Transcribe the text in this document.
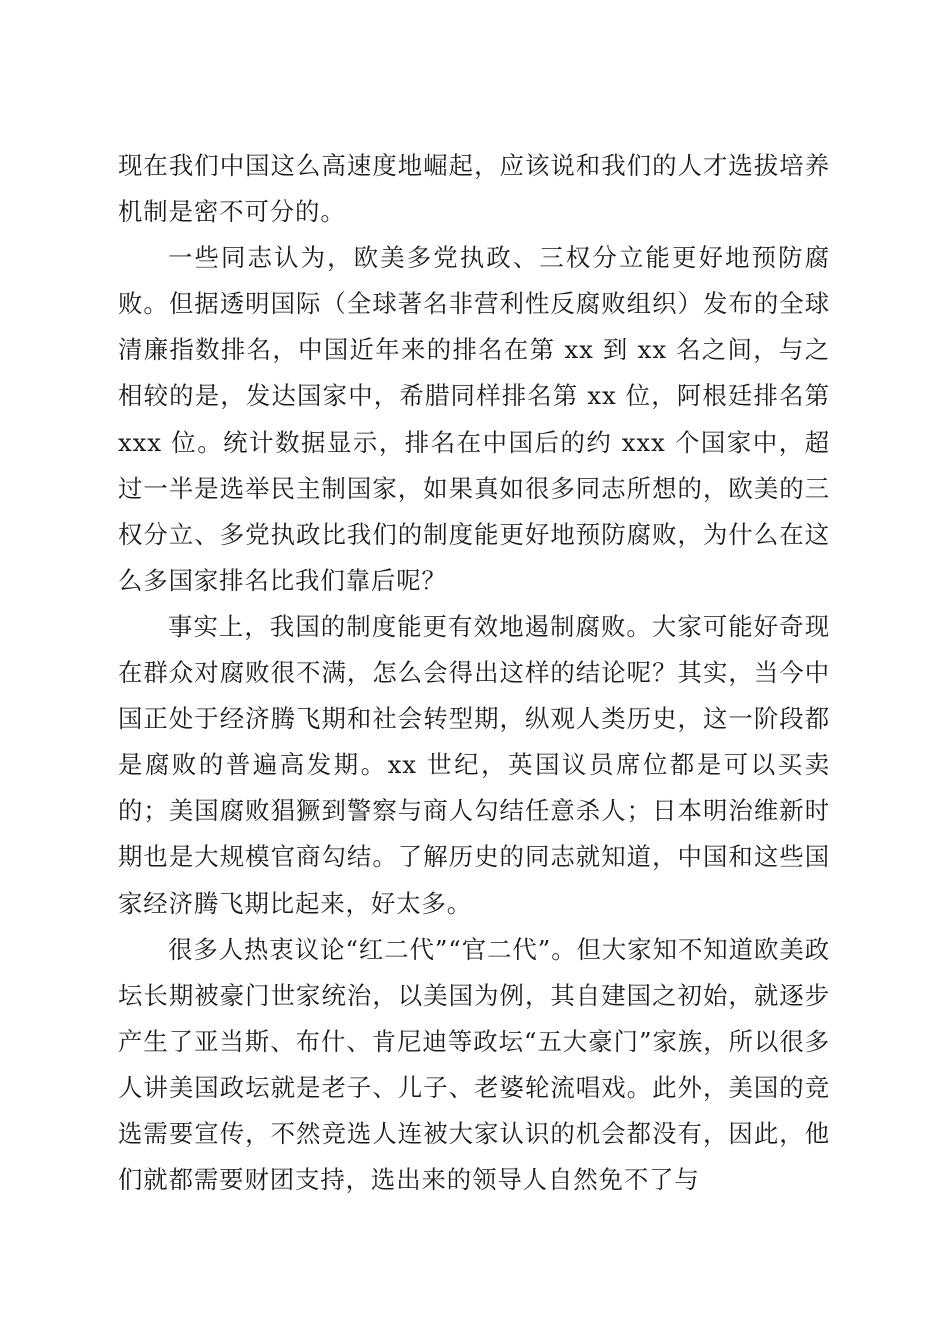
现在我们中国这么高速度地崛起，应该说和我们的人才选拔培养机制是密不可分的。

一些同志认为，欧美多党执政、三权分立能更好地预防腐败。但据透明国际（全球著名非营利性反腐败组织）发布的全球清廉指数排名，中国近年来的排名在第 xx 到 xx 名之间，与之相较的是，发达国家中，希腊同样排名第 xx 位，阿根廷排名第 xxx 位。统计数据显示，排名在中国后的约 xxx 个国家中，超过一半是选举民主制国家，如果真如很多同志所想的，欧美的三权分立、多党执政比我们的制度能更好地预防腐败，为什么在这么多国家排名比我们靠后呢？

事实上，我国的制度能更有效地遏制腐败。大家可能好奇现在群众对腐败很不满，怎么会得出这样的结论呢？其实，当今中国正处于经济腾飞期和社会转型期，纵观人类历史，这一阶段都是腐败的普遍高发期。xx 世纪，英国议员席位都是可以买卖的；美国腐败猖獗到警察与商人勾结任意杀人；日本明治维新时期也是大规模官商勾结。了解历史的同志就知道，中国和这些国家经济腾飞期比起来，好太多。

很多人热衷议论“红二代”“官二代”。但大家知不知道欧美政坛长期被豪门世家统治，以美国为例，其自建国之初始，就逐步产生了亚当斯、布什、肯尼迪等政坛“五大豪门”家族，所以很多人讲美国政坛就是老子、儿子、老婆轮流唱戏。此外，美国的竞选需要宣传，不然竞选人连被大家认识的机会都没有，因此，他们就都需要财团支持，选出来的领导人自然免不了与
